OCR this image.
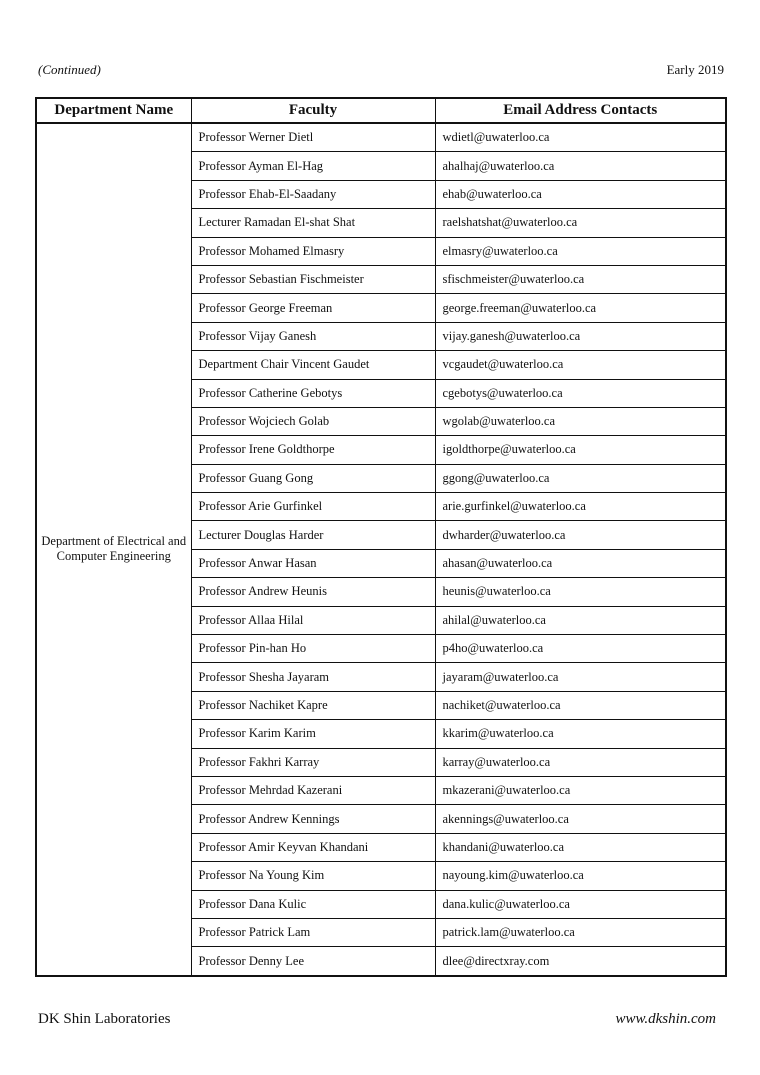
(Continued)	Early 2019
Department Name	Faculty	Email Address Contacts
Department of Electrical and Computer Engineering	Professor Werner Dietl	wdietl@uwaterloo.ca
	Professor Ayman El-Hag	ahalhaj@uwaterloo.ca
	Professor Ehab-El-Saadany	ehab@uwaterloo.ca
	Lecturer Ramadan El-shat Shat	raelshatshat@uwaterloo.ca
	Professor Mohamed Elmasry	elmasry@uwaterloo.ca
	Professor Sebastian Fischmeister	sfischmeister@uwaterloo.ca
	Professor George Freeman	george.freeman@uwaterloo.ca
	Professor Vijay Ganesh	vijay.ganesh@uwaterloo.ca
	Department Chair Vincent Gaudet	vcgaudet@uwaterloo.ca
	Professor Catherine Gebotys	cgebotys@uwaterloo.ca
	Professor Wojciech Golab	wgolab@uwaterloo.ca
	Professor Irene Goldthorpe	igoldthorpe@uwaterloo.ca
	Professor Guang Gong	ggong@uwaterloo.ca
	Professor Arie Gurfinkel	arie.gurfinkel@uwaterloo.ca
	Lecturer Douglas Harder	dwharder@uwaterloo.ca
	Professor Anwar Hasan	ahasan@uwaterloo.ca
	Professor Andrew Heunis	heunis@uwaterloo.ca
	Professor Allaa Hilal	ahilal@uwaterloo.ca
	Professor Pin-han Ho	p4ho@uwaterloo.ca
	Professor Shesha Jayaram	jayaram@uwaterloo.ca
	Professor Nachiket Kapre	nachiket@uwaterloo.ca
	Professor Karim Karim	kkarim@uwaterloo.ca
	Professor Fakhri Karray	karray@uwaterloo.ca
	Professor Mehrdad Kazerani	mkazerani@uwaterloo.ca
	Professor Andrew Kennings	akennings@uwaterloo.ca
	Professor Amir Keyvan Khandani	khandani@uwaterloo.ca
	Professor Na Young Kim	nayoung.kim@uwaterloo.ca
	Professor Dana Kulic	dana.kulic@uwaterloo.ca
	Professor Patrick Lam	patrick.lam@uwaterloo.ca
	Professor Denny Lee	dlee@directxray.com
DK Shin Laboratories	www.dkshin.com
